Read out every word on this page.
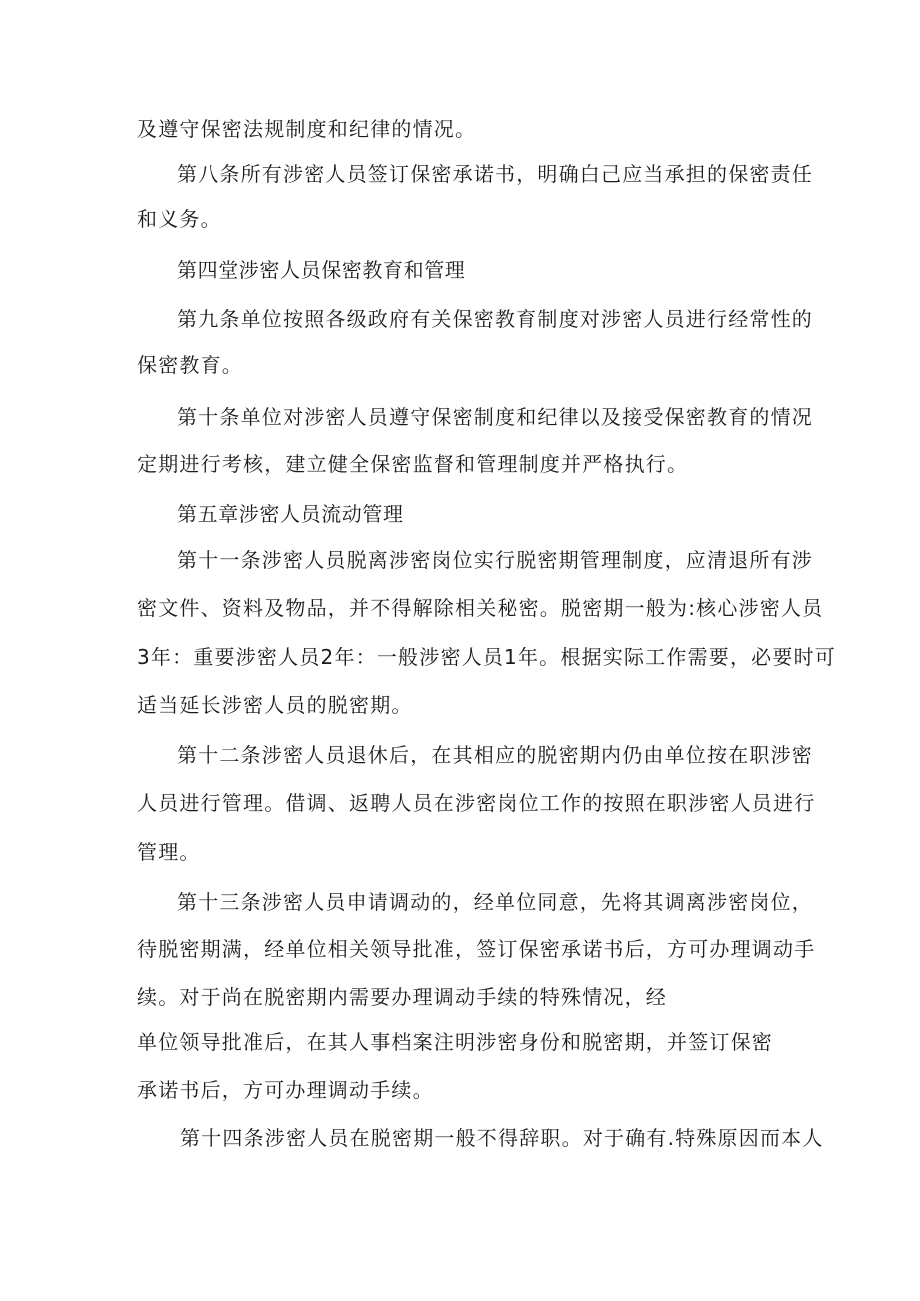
及遵守保密法规制度和纪律的情况。
第八条所有涉密人员签订保密承诺书，明确白己应当承担的保密责任
和义务。
第四堂涉密人员保密教育和管理
第九条单位按照各级政府有关保密教育制度对涉密人员进行经常性的
保密教育。
第十条单位对涉密人员遵守保密制度和纪律以及接受保密教育的情况
定期进行考核，建立健全保密监督和管理制度并严格执行。
第五章涉密人员流动管理
第十一条涉密人员脱离涉密岗位实行脱密期管理制度，应清退所有涉
密文件、资料及物品，并不得解除相关秘密。脱密期一般为:核心涉密人员
3年：重要涉密人员2年：一般涉密人员1年。根据实际工作需要，必要时可
适当延长涉密人员的脱密期。
第十二条涉密人员退休后，在其相应的脱密期内仍由单位按在职涉密
人员进行管理。借调、返聘人员在涉密岗位工作的按照在职涉密人员进行
管理。
第十三条涉密人员申请调动的，经单位同意，先将其调离涉密岗位，
待脱密期满，经单位相关领导批准，签订保密承诺书后，方可办理调动手
续。对于尚在脱密期内需要办理调动手续的特殊情况，经
单位领导批准后，在其人事档案注明涉密身份和脱密期，并签订保密
承诺书后，方可办理调动手续。
第十四条涉密人员在脱密期一般不得辞职。对于确有.特殊原因而本人
